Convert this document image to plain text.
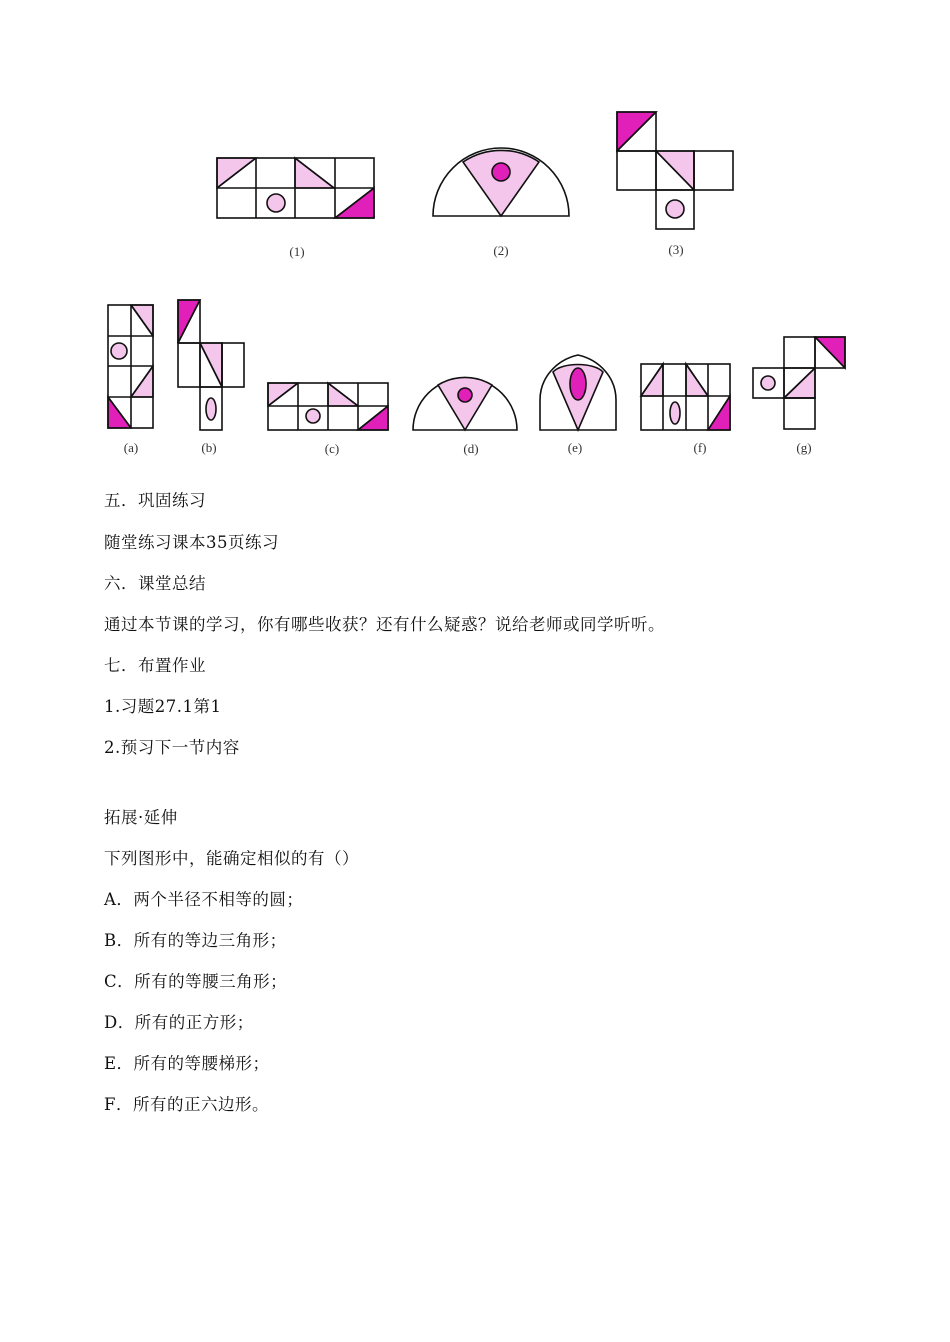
(1)	(2)	(3)
(a)	(b)	(c)	(d)	(e)	(f)	(g)
五．巩固练习
随堂练习课本35页练习
六．课堂总结
通过本节课的学习，你有哪些收获？还有什么疑惑？说给老师或同学听听。
七．布置作业
1.习题27.1第1
2.预习下一节内容
拓展·延伸
下列图形中，能确定相似的有（）
A．两个半径不相等的圆；
B．所有的等边三角形；
C．所有的等腰三角形；
D．所有的正方形；
E．所有的等腰梯形；
F．所有的正六边形。
